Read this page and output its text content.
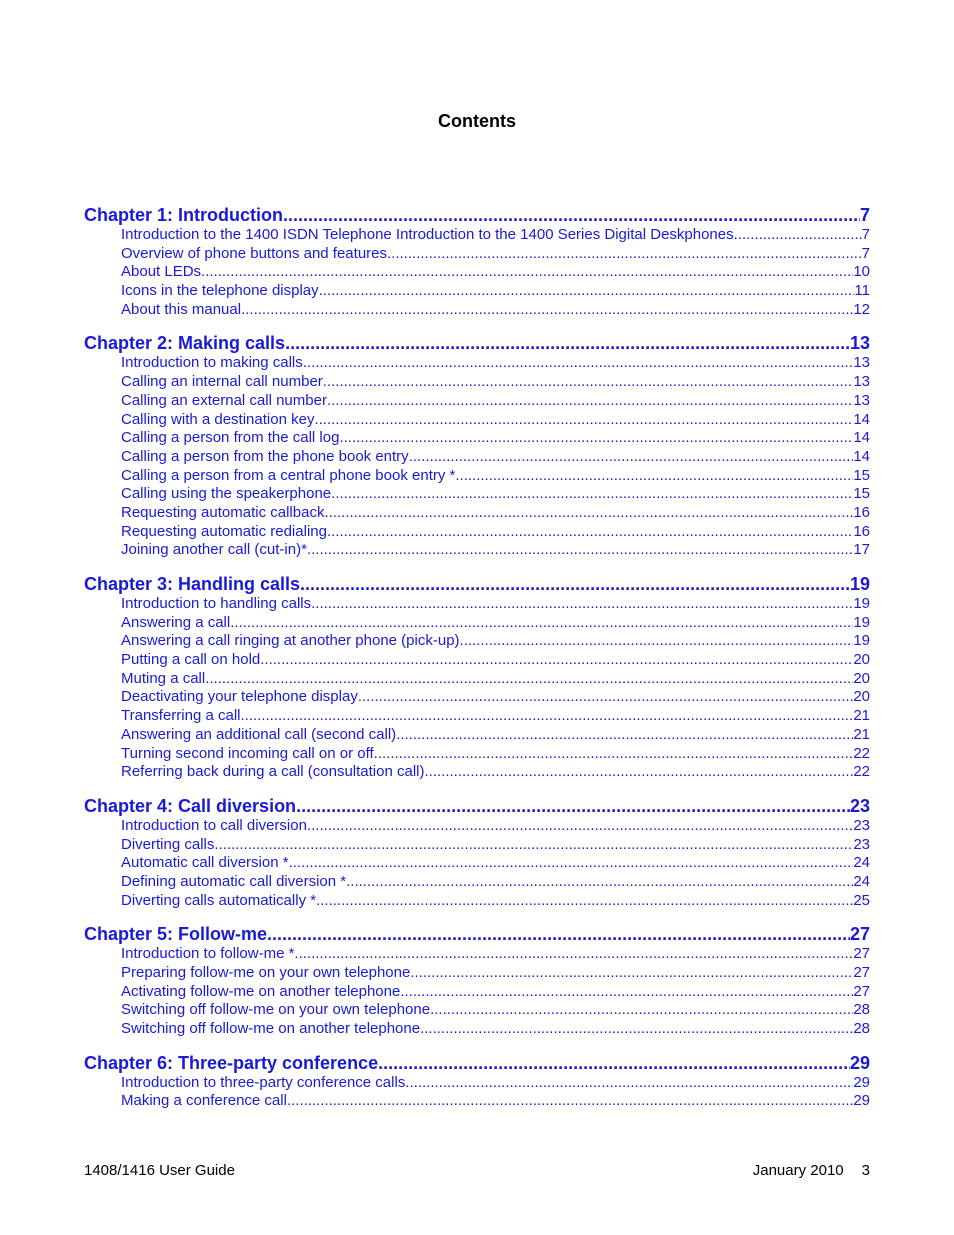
Contents
Chapter 1: Introduction .....	7
Introduction to the 1400 ISDN Telephone Introduction to the 1400 Series Digital Deskphones .....	7
Overview of phone buttons and features .....	7
About LEDs .....	10
Icons in the telephone display .....	11
About this manual .....	12
Chapter 2: Making calls .....	13
Introduction to making calls .....	13
Calling an internal call number .....	13
Calling an external call number .....	13
Calling with a destination key .....	14
Calling a person from the call log .....	14
Calling a person from the phone book entry .....	14
Calling a person from a central phone book entry * .....	15
Calling using the speakerphone .....	15
Requesting automatic callback .....	16
Requesting automatic redialing .....	16
Joining another call (cut-in)* .....	17
Chapter 3: Handling calls .....	19
Introduction to handling calls .....	19
Answering a call .....	19
Answering a call ringing at another phone (pick-up) .....	19
Putting a call on hold .....	20
Muting a call .....	20
Deactivating your telephone display .....	20
Transferring a call .....	21
Answering an additional call (second call) .....	21
Turning second incoming call on or off .....	22
Referring back during a call (consultation call) .....	22
Chapter 4: Call diversion .....	23
Introduction to call diversion .....	23
Diverting calls .....	23
Automatic call diversion * .....	24
Defining automatic call diversion * .....	24
Diverting calls automatically * .....	25
Chapter 5: Follow-me .....	27
Introduction to follow-me * .....	27
Preparing follow-me on your own telephone .....	27
Activating follow-me on another telephone .....	27
Switching off follow-me on your own telephone .....	28
Switching off follow-me on another telephone .....	28
Chapter 6: Three-party conference .....	29
Introduction to three-party conference calls .....	29
Making a conference call .....	29
1408/1416 User Guide	January 2010 3
